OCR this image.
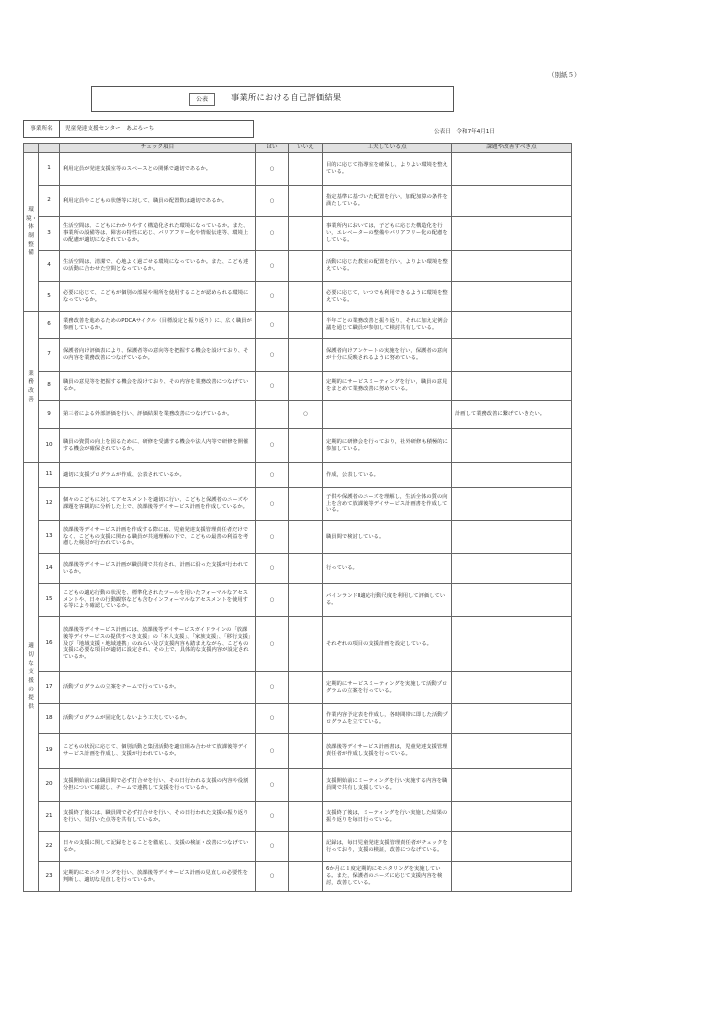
（別紙５）
公表	事業所における自己評価結果
事業所名	児童発達支援センター　あぶろーち	公表日　令和7年4月1日
		チェック項目	はい	いいえ	工夫している点	課題や改善すべき点
環境・体制整備	1	利用定員が発達支援室等のスペースとの関係で適切であるか。	○		目的に応じて指導室を確保し，よりよい環境を整えている。	
	2	利用定員やこどもの状態等に対して、職員の配置数は適切であるか。	○		指定基準に基づいた配置を行い，加配加算の条件を満たしている。	
	3	生活空間は、こどもにわかりやすく構造化された環境になっているか。また、事業所の設備等は、障害の特性に応じ、バリアフリー化や情報伝達等、環境上の配慮が適切になされているか。	○		事業所内においては，子どもに応じた構造化を行い，エレベーターの整備やバリアフリー化の配慮をしている。	
	4	生活空間は、清潔で、心地よく過ごせる環境になっているか。また、こども達の活動に合わせた空間となっているか。	○		活動に応じた教室の配置を行い，よりよい環境を整えている。	
	5	必要に応じて、こどもが個別の部屋や場所を使用することが認められる環境になっているか。	○		必要に応じて，いつでも利用できるように環境を整えている。	
業務改善	6	業務改善を進めるためのPDCAサイクル（目標設定と振り返り）に、広く職員が参画しているか。	○		半年ごとの業務改善と振り返り，それに加え定例会議を通じて職員が参加して検討共有している。	
	7	保護者向け評価表により、保護者等の意向等を把握する機会を設けており、その内容を業務改善につなげているか。	○		保護者向けアンケートの実施を行い，保護者の意向が十分に反映されるように努めている。	
	8	職員の意見等を把握する機会を設けており、その内容を業務改善につなげているか。	○		定期的にサービスミーティングを行い，職員の意見をまとめて業務改善に努めている。	
	9	第三者による外部評価を行い、評価結果を業務改善につなげているか。		○		計画して業務改善に繋げていきたい。
	10	職員の資質の向上を図るために、研修を受講する機会や法人内等で研修を開催する機会が確保されているか。	○		定期的に研修会を行っており，社外研修も積極的に参加している。	
適切な支援の提供	11	適切に支援プログラムが作成、公表されているか。	○		作成，公表している。	
	12	個々のこどもに対してアセスメントを適切に行い、こどもと保護者のニーズや課題を客観的に分析した上で、放課後等デイサービス計画を作成しているか。	○		子供や保護者のニーズを理解し，生活全体の質の向上を含めて放課後等デイサービス計画書を作成している。	
	13	放課後等デイサービス計画を作成する際には、児童発達支援管理責任者だけでなく、こどもの支援に関わる職員が共通理解の下で、こどもの最善の利益を考慮した検討が行われているか。	○		職員間で検討している。	
	14	放課後等デイサービス計画が職員間で共有され、計画に沿った支援が行われているか。	○		行っている。	
	15	こどもの適応行動の状況を、標準化されたツールを用いたフォーマルなアセスメントや、日々の行動観察なども含むインフォーマルなアセスメントを使用する等により確認しているか。	○		バインランドⅡ適応行動尺度を利用して評価している。	
	16	放課後等デイサービス計画には、放課後等デイサービスガイドラインの「放課後等デイサービスの提供すべき支援」の「本人支援」、「家族支援」、「移行支援」及び「地域支援・地域連携」のねらい及び支援内容も踏まえながら、こどもの支援に必要な項目が適切に設定され、その上で、具体的な支援内容が設定されているか。	○		それぞれの項目の支援計画を設定している。	
	17	活動プログラムの立案をチームで行っているか。	○		定期的にサービスミーティングを実施して活動プログラムの立案を行っている。	
	18	活動プログラムが固定化しないよう工夫しているか。	○		作業内容予定表を作成し，各時間帯に即した活動プログラムを立てている。	
	19	こどもの状況に応じて、個別活動と集団活動を適宜組み合わせて放課後等デイサービス計画を作成し、支援が行われているか。	○		放課後等デイサービス計画書は，児童発達支援管理責任者が作成し支援を行っている。	
	20	支援開始前には職員間で必ず打合せを行い、その日行われる支援の内容や役割分担について確認し、チームで連携して支援を行っているか。	○		支援開始前にミーティングを行い実施する内容を職員間で共有し支援している。	
	21	支援終了後には、職員間で必ず打合せを行い、その日行われた支援の振り返りを行い、気付いた点等を共有しているか。	○		支援終了後は，ミーティングを行い実施した結果の振り返りを毎日行っている。	
	22	日々の支援に関して記録をとることを徹底し、支援の検証・改善につなげているか。	○		記録は，毎日児童発達支援管理責任者がチェックを行っており，支援の検証，改善につなげている。	
	23	定期的にモニタリングを行い、放課後等デイサービス計画の見直しの必要性を判断し、適切な見直しを行っているか。	○		6か月に１度定期的にモニタリングを実施している。また，保護者のニーズに応じて支援内容を検討，改善している。	
